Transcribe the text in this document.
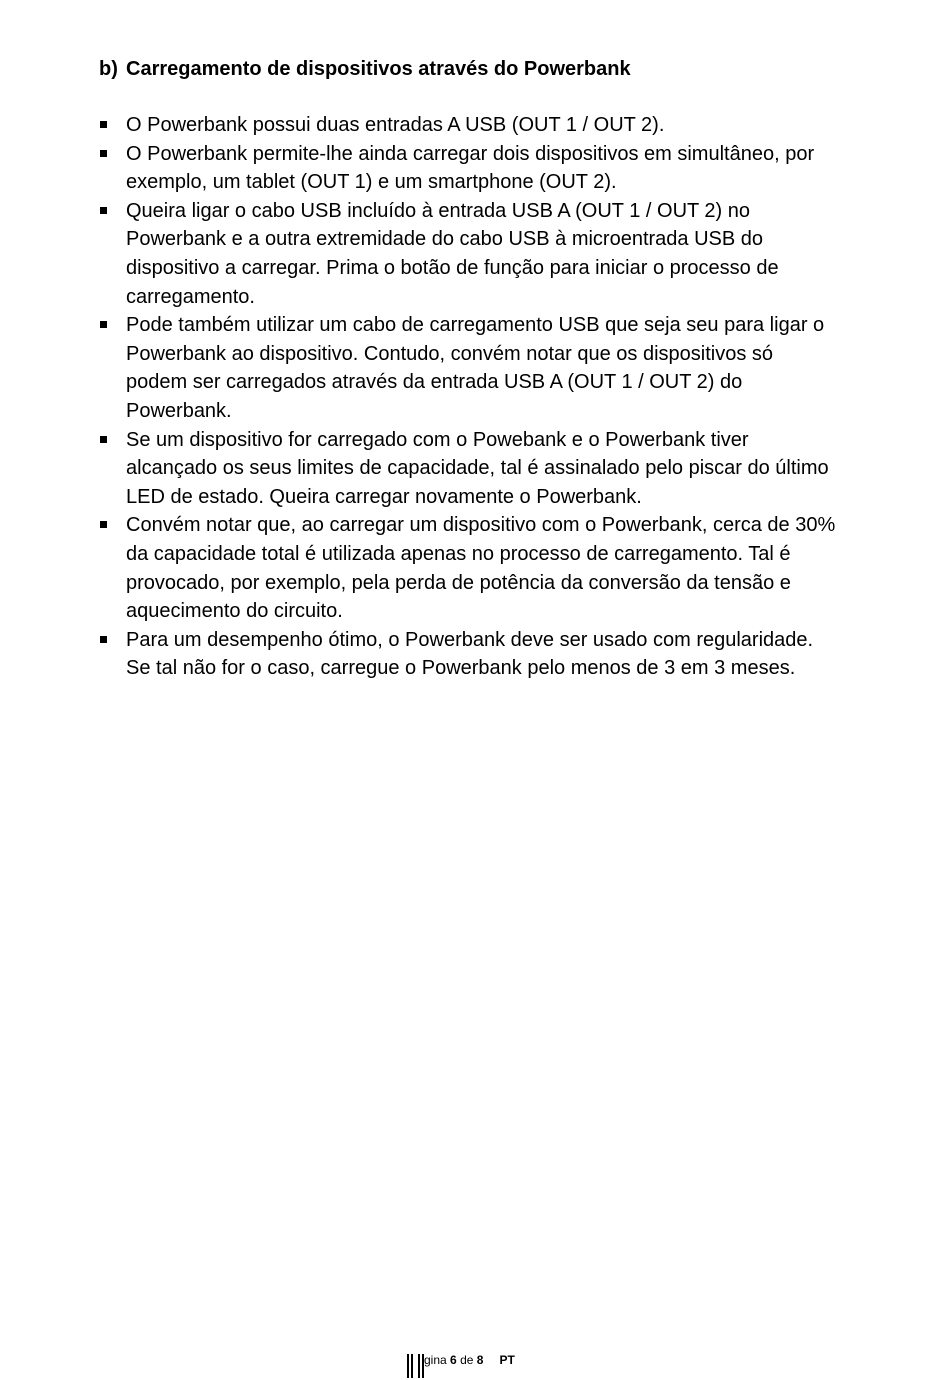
b) Carregamento de dispositivos através do Powerbank
O Powerbank possui duas entradas A USB (OUT 1 / OUT 2).
O Powerbank permite-lhe ainda carregar dois dispositivos em simultâneo, por exemplo, um tablet (OUT 1) e um smartphone (OUT 2).
Queira ligar o cabo USB incluído à entrada USB A (OUT 1 / OUT 2) no Powerbank e a outra extremidade do cabo USB à microentrada USB do dispositivo a carregar. Prima o botão de função para iniciar o processo de carregamento.
Pode também utilizar um cabo de carregamento USB que seja seu para ligar o Powerbank ao dispositivo. Contudo, convém notar que os dispositivos só podem ser carregados através da entrada USB A (OUT 1 / OUT 2) do Powerbank.
Se um dispositivo for carregado com o Powebank e o Powerbank tiver alcançado os seus limites de capacidade, tal é assinalado pelo piscar do último LED de estado. Queira carregar novamente o Powerbank.
Convém notar que, ao carregar um dispositivo com o Powerbank, cerca de 30% da capacidade total é utilizada apenas no processo de carregamento. Tal é provocado, por exemplo, pela perda de potência da conversão da tensão e aquecimento do circuito.
Para um desempenho ótimo, o Powerbank deve ser usado com regularidade. Se tal não for o caso, carregue o Powerbank pelo menos de 3 em 3 meses.
gina 6 de 8 PT
